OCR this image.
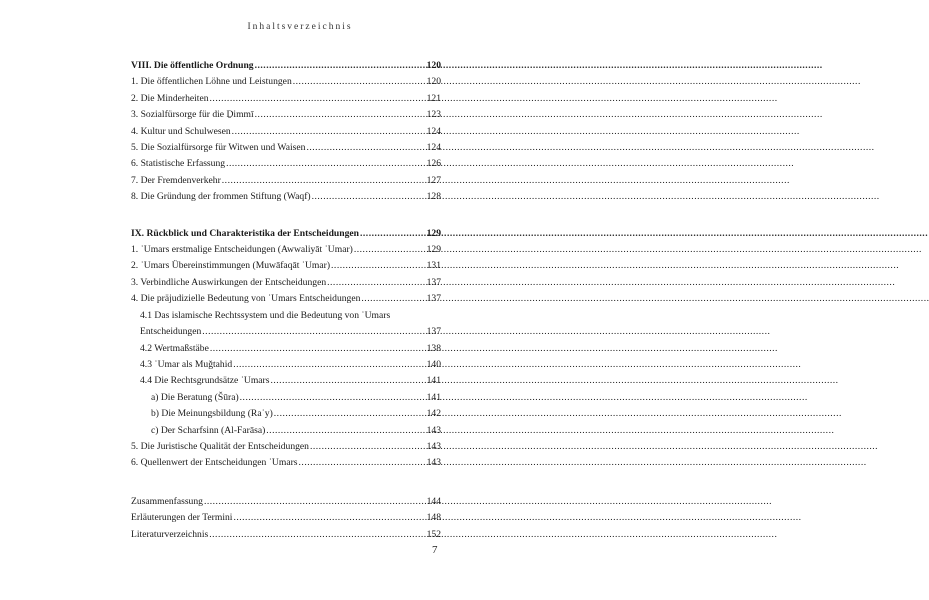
Inhaltsverzeichnis
VIII. Die öffentliche Ordnung .....	120
1. Die öffentlichen Löhne und Leistungen .....	120
2. Die Minderheiten .....	121
3. Sozialfürsorge für die Ḏimmī .....	123
4. Kultur und Schulwesen .....	124
5. Die Sozialfürsorge für Witwen und Waisen .....	124
6. Statistische Erfassung .....	126
7. Der Fremdenverkehr .....	127
8. Die Gründung der frommen Stiftung (Waqf) .....	128
IX. Rückblick und Charakteristika der Entscheidungen .....	129
1. ʿUmars erstmalige Entscheidungen (Awwaliyāt ʿUmar) .....	129
2. ʿUmars Übereinstimmungen (Muwāfaqāt ʿUmar) .....	131
3. Verbindliche Auswirkungen der Entscheidungen .....	137
4. Die präjudizielle Bedeutung von ʿUmars Entscheidungen .....	137
4.1 Das islamische Rechtssystem und die Bedeutung von ʿUmars
Entscheidungen .....	137
4.2 Wertmaßstäbe .....	138
4.3 ʿUmar als Muǧtahid .....	140
4.4 Die Rechtsgrundsätze ʿUmars .....	141
a) Die Beratung (Šūra) .....	141
b) Die Meinungsbildung (Raʾy) .....	142
c) Der Scharfsinn (Al-Farāsa) .....	143
5. Die Juristische Qualität der Entscheidungen .....	143
6. Quellenwert der Entscheidungen ʿUmars .....	143
Zusammenfassung .....	144
Erläuterungen der Termini .....	148
Literaturverzeichnis .....	152
7
